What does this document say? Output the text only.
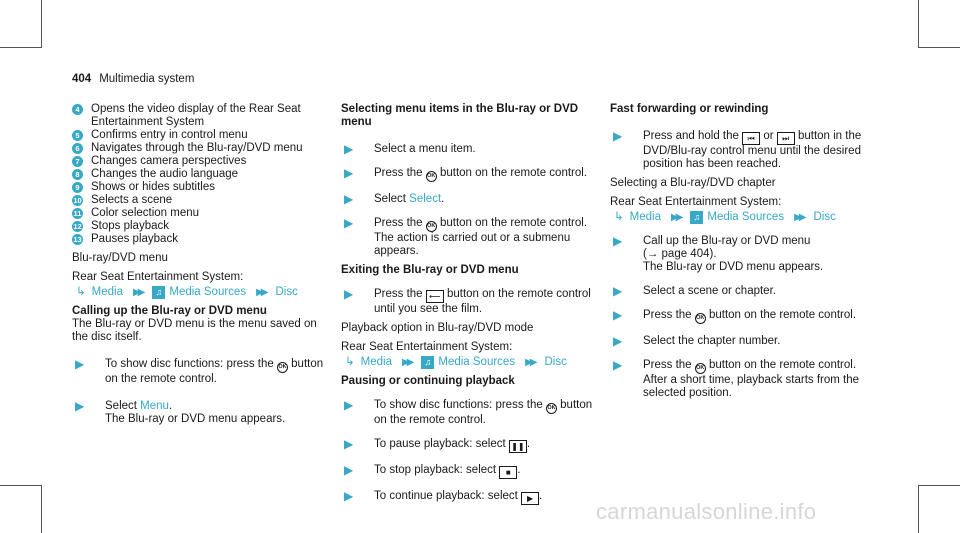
404 Multimedia system
4 Opens the video display of the Rear Seat Entertainment System
5 Confirms entry in control menu
6 Navigates through the Blu-ray/DVD menu
7 Changes camera perspectives
8 Changes the audio language
9 Shows or hides subtitles
10 Selects a scene
11 Color selection menu
12 Stops playback
13 Pauses playback

Blu-ray/DVD menu

Rear Seat Entertainment System:

↳ Media ▶▶	♫ Media Sources ▶▶ Disc

Calling up the Blu-ray or DVD menu

The Blu-ray or DVD menu is the menu saved on the disc itself.

▶	To show disc functions: press the OK button on the remote control.
▶	Select Menu.
The Blu-ray or DVD menu appears.

Selecting menu items in the Blu-ray or DVD menu

▶	Select a menu item.
▶	Press the OK button on the remote control.
▶	Select Select.
▶	Press the OK button on the remote control.
The action is carried out or a submenu appears.

Exiting the Blu-ray or DVD menu

▶	Press the ⟵ button on the remote control until you see the film.

Playback option in Blu-ray/DVD mode

Rear Seat Entertainment System:

↳ Media ▶▶	♫ Media Sources ▶▶ Disc

Pausing or continuing playback

▶	To show disc functions: press the OK button on the remote control.
▶	To pause playback: select ❚❚ .
▶	To stop playback: select ■ .
▶	To continue playback: select ▶ .

Fast forwarding or rewinding

▶	Press and hold the ⏮ or ⏭ button in the DVD/Blu-ray control menu until the desired position has been reached.

Selecting a Blu-ray/DVD chapter

Rear Seat Entertainment System:

↳ Media ▶▶	♫ Media Sources ▶▶ Disc
▶	Call up the Blu-ray or DVD menu
(→ page 404).
The Blu-ray or DVD menu appears.
▶	Select a scene or chapter.
▶	Press the OK button on the remote control.
▶	Select the chapter number.
▶	Press the OK button on the remote control.
After a short time, playback starts from the selected position.
carmanualsonline.info
